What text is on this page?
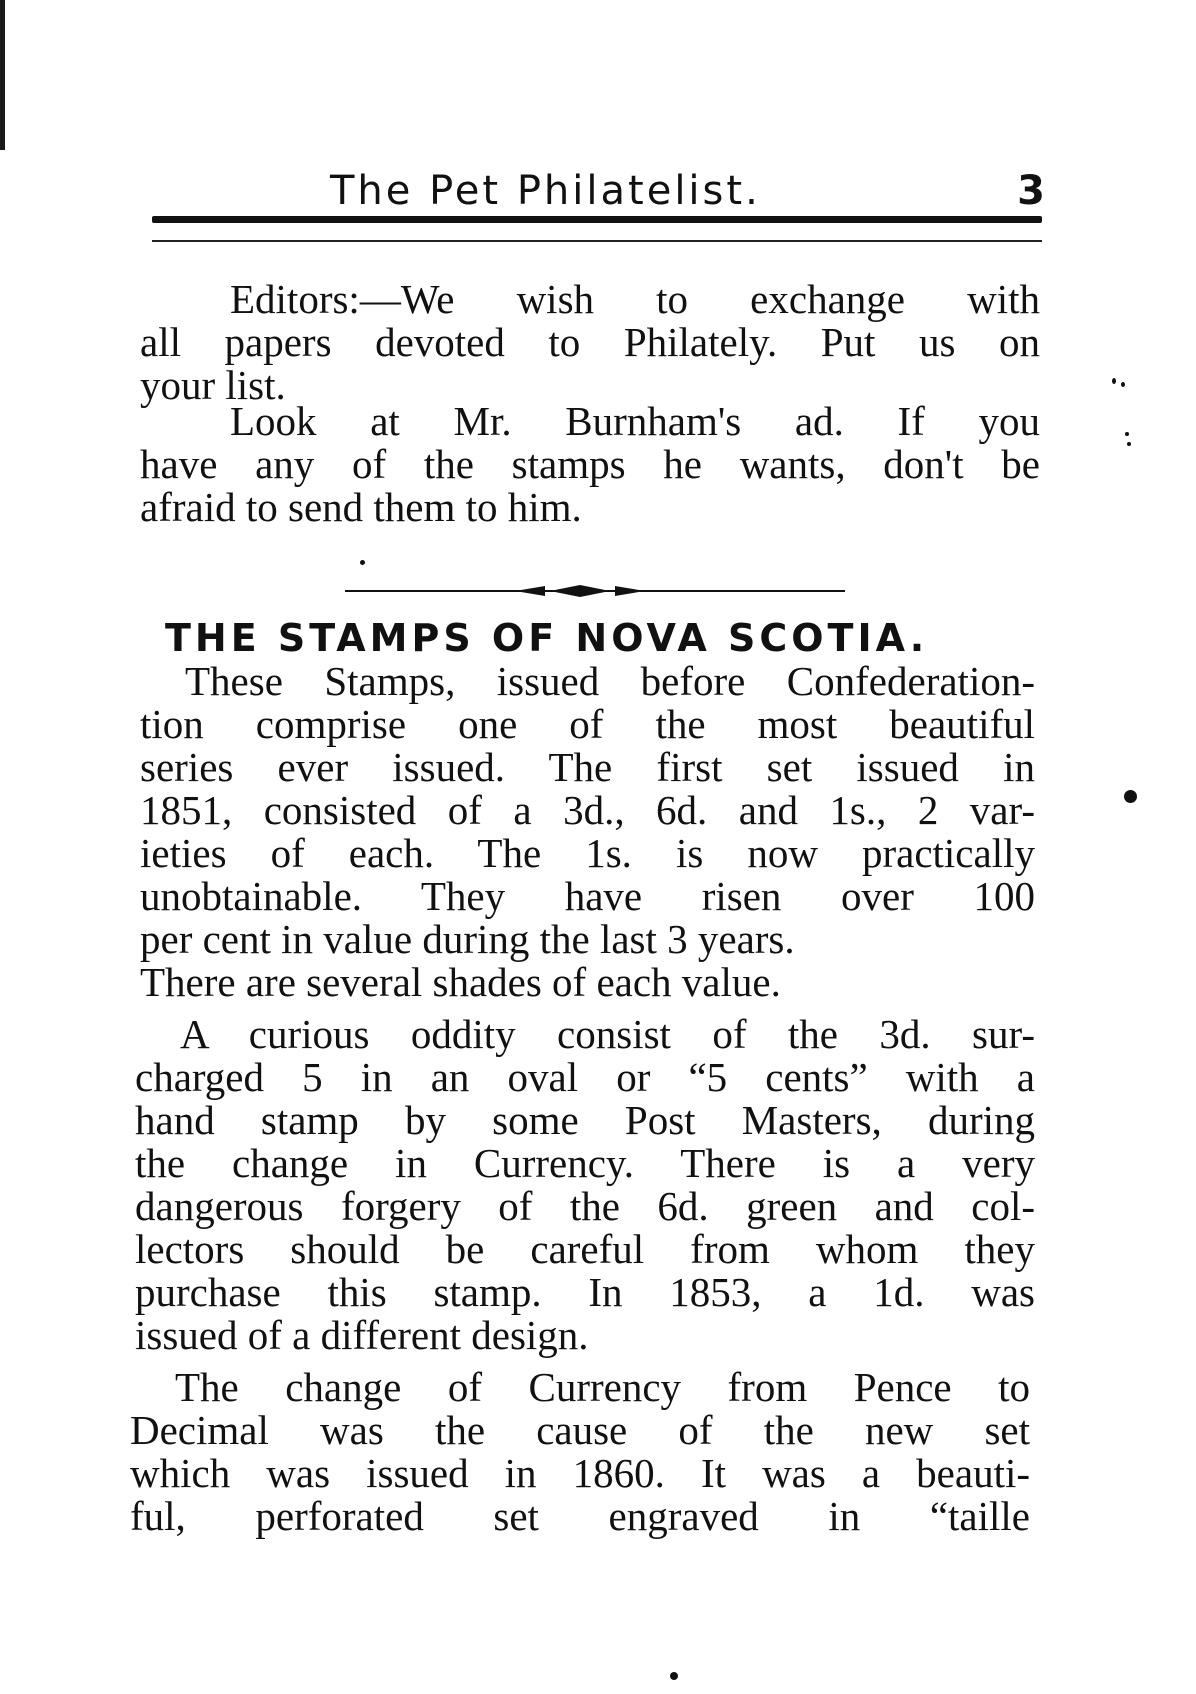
The Pet Philatelist.	3
Editors:—We wish to exchange with
all papers devoted to Philately. Put us on
your list.
Look at Mr. Burnham's ad. If you
have any of the stamps he wants, don't be
afraid to send them to him.
THE STAMPS OF NOVA SCOTIA.
These Stamps, issued before Confederation-
tion comprise one of the most beautiful
series ever issued. The first set issued in
1851, consisted of a 3d., 6d. and 1s., 2 var-
ieties of each. The 1s. is now practically
unobtainable. They have risen over 100
per cent in value during the last 3 years.
There are several shades of each value.
A curious oddity consist of the 3d. sur-
charged 5 in an oval or “5 cents” with a
hand stamp by some Post Masters, during
the change in Currency. There is a very
dangerous forgery of the 6d. green and col-
lectors should be careful from whom they
purchase this stamp. In 1853, a 1d. was
issued of a different design.
The change of Currency from Pence to
Decimal was the cause of the new set
which was issued in 1860. It was a beauti-
ful, perforated set engraved in “taille
